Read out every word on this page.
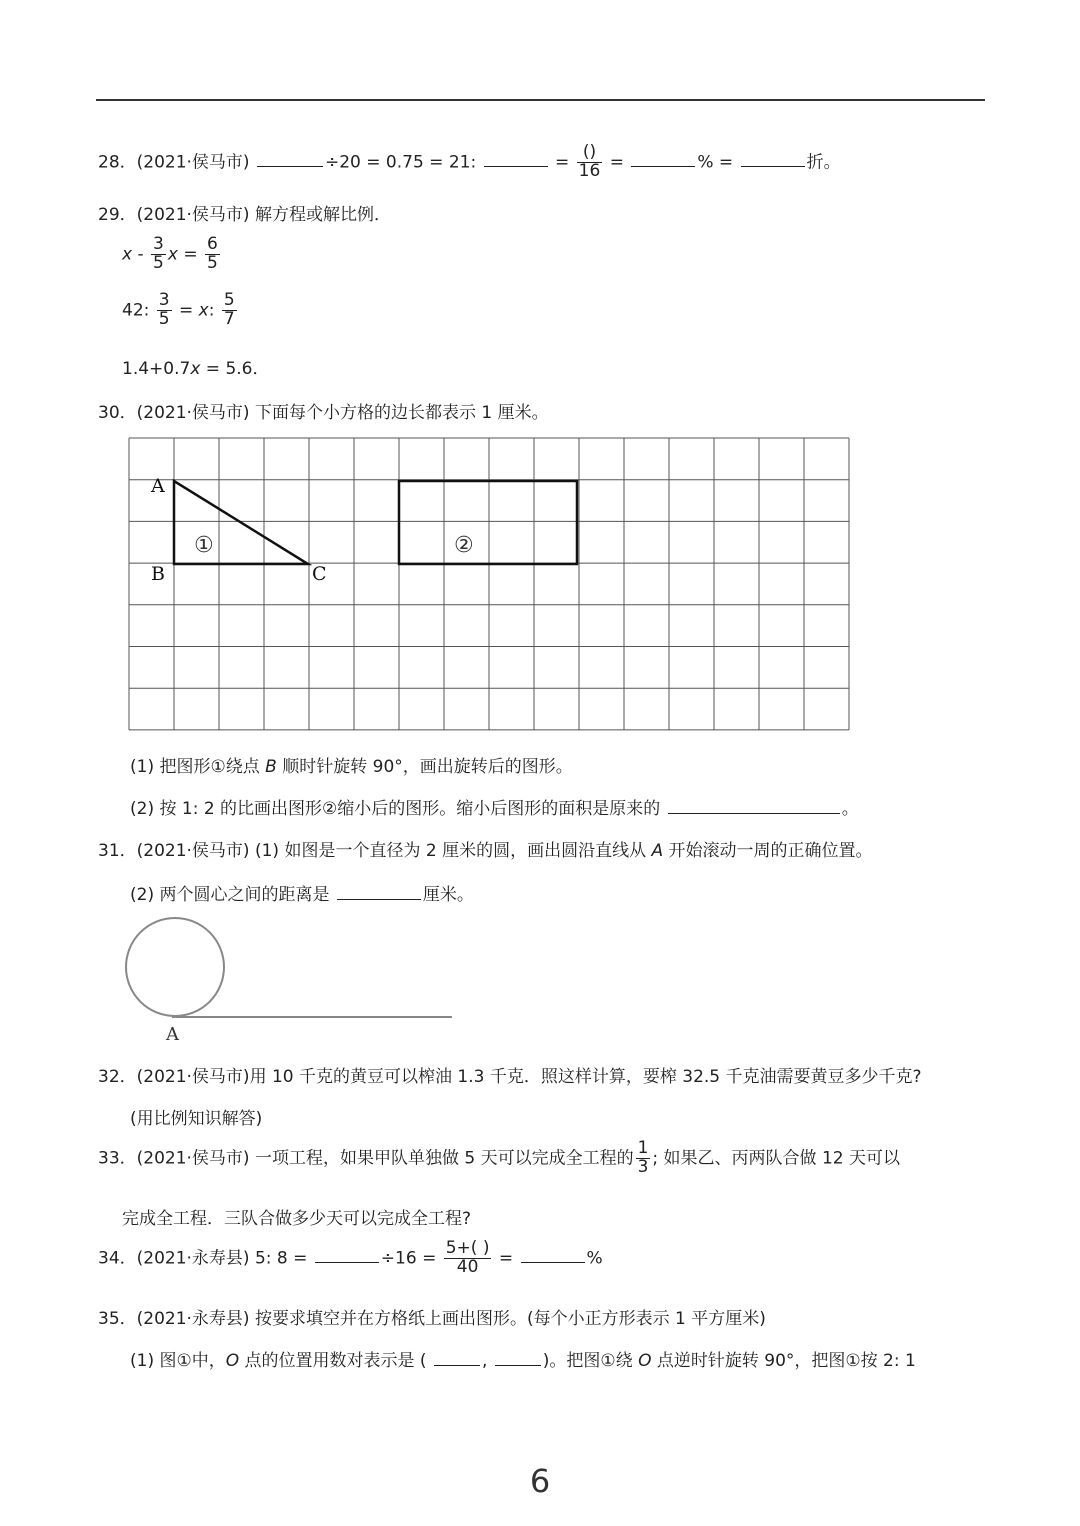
28．(2021·侯马市)	÷20 = 0.75 = 21:	= $\frac{()}{16}$ =	% =	折。
29．(2021·侯马市) 解方程或解比例．
x - $\frac{3}{5}$ $x = \frac{6}{5}$
42: $\frac{3}{5} = x$: $\frac{5}{7}$
1.4+0.7x = 5.6．
30．(2021·侯马市) 下面每个小方格的边长都表示 1 厘米。
A
B	C
①	②
(1) 把图形①绕点 B 顺时针旋转 90°，画出旋转后的图形。
(2) 按 1: 2 的比画出图形②缩小后的图形。缩小后图形的面积是原来的	。
31．(2021·侯马市) (1) 如图是一个直径为 2 厘米的圆，画出圆沿直线从 A 开始滚动一周的正确位置。
(2) 两个圆心之间的距离是	厘米。
A
32．(2021·侯马市)用 10 千克的黄豆可以榨油 1.3 千克．照这样计算，要榨 32.5 千克油需要黄豆多少千克?
(用比例知识解答)
33．(2021·侯马市) 一项工程，如果甲队单独做 5 天可以完成全工程的 $\frac{1}{3}$ ; 如果乙、丙两队合做 12 天可以
完成全工程．三队合做多少天可以完成全工程?
34．(2021·永寿县) 5: 8 =	$\div 16 = \frac{5+( )}{40}$ =	%
35．(2021·永寿县) 按要求填空并在方格纸上画出图形。(每个小正方形表示 1 平方厘米)
(1) 图①中，O 点的位置用数对表示是 (	,	)。把图①绕 O 点逆时针旋转 90°，把图①按 2: 1
6
